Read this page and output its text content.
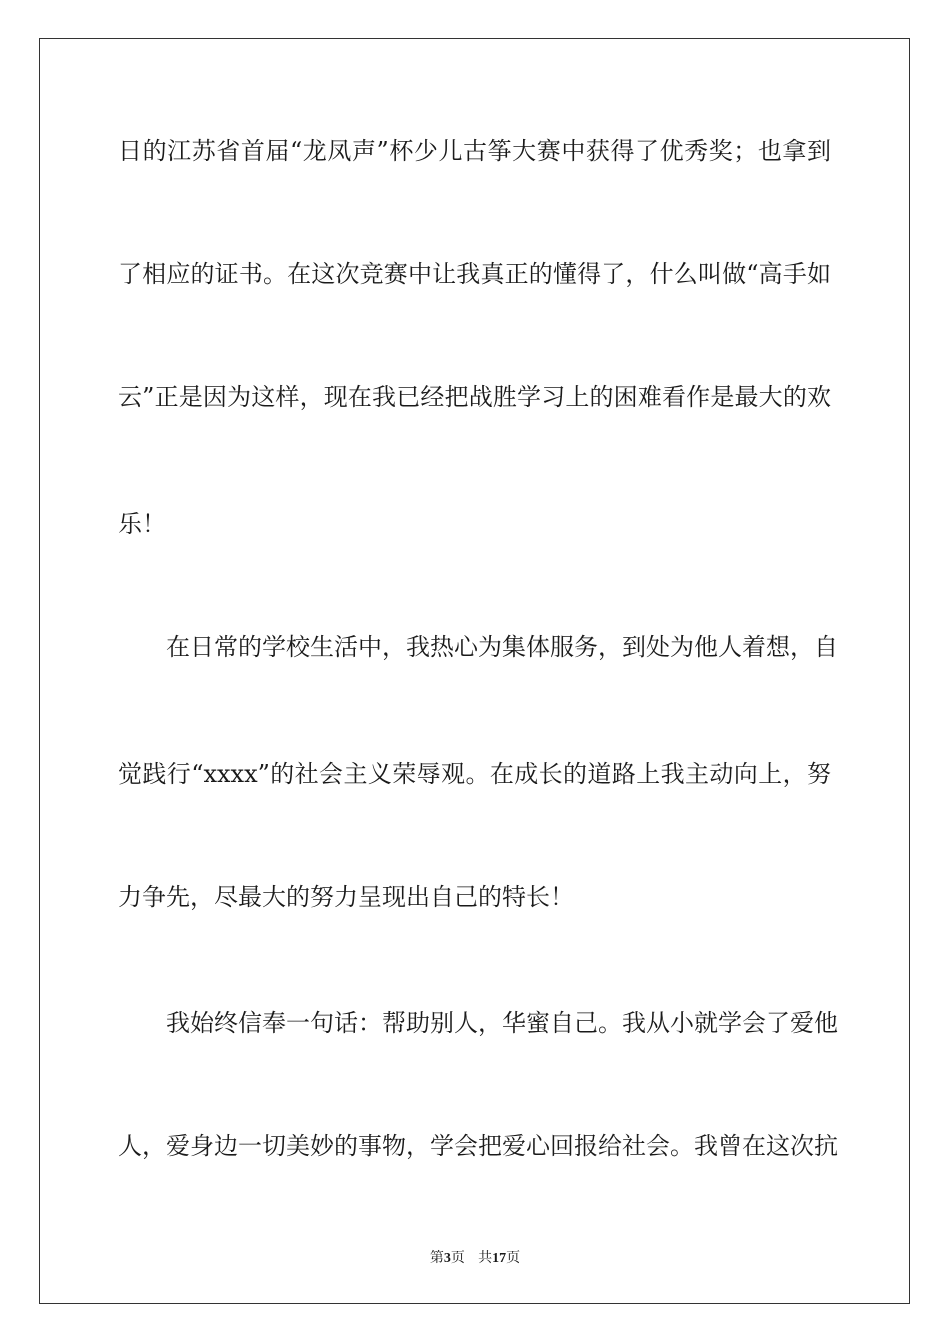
日的江苏省首届“龙凤声”杯少儿古筝大赛中获得了优秀奖；也拿到
了相应的证书。在这次竞赛中让我真正的懂得了，什么叫做“高手如
云”正是因为这样，现在我已经把战胜学习上的困难看作是最大的欢
乐！
在日常的学校生活中，我热心为集体服务，到处为他人着想，自
觉践行“xxxx”的社会主义荣辱观。在成长的道路上我主动向上，努
力争先，尽最大的努力呈现出自己的特长！
我始终信奉一句话：帮助别人，华蜜自己。我从小就学会了爱他
人，爱身边一切美妙的事物，学会把爱心回报给社会。我曾在这次抗
第3页 共17页
